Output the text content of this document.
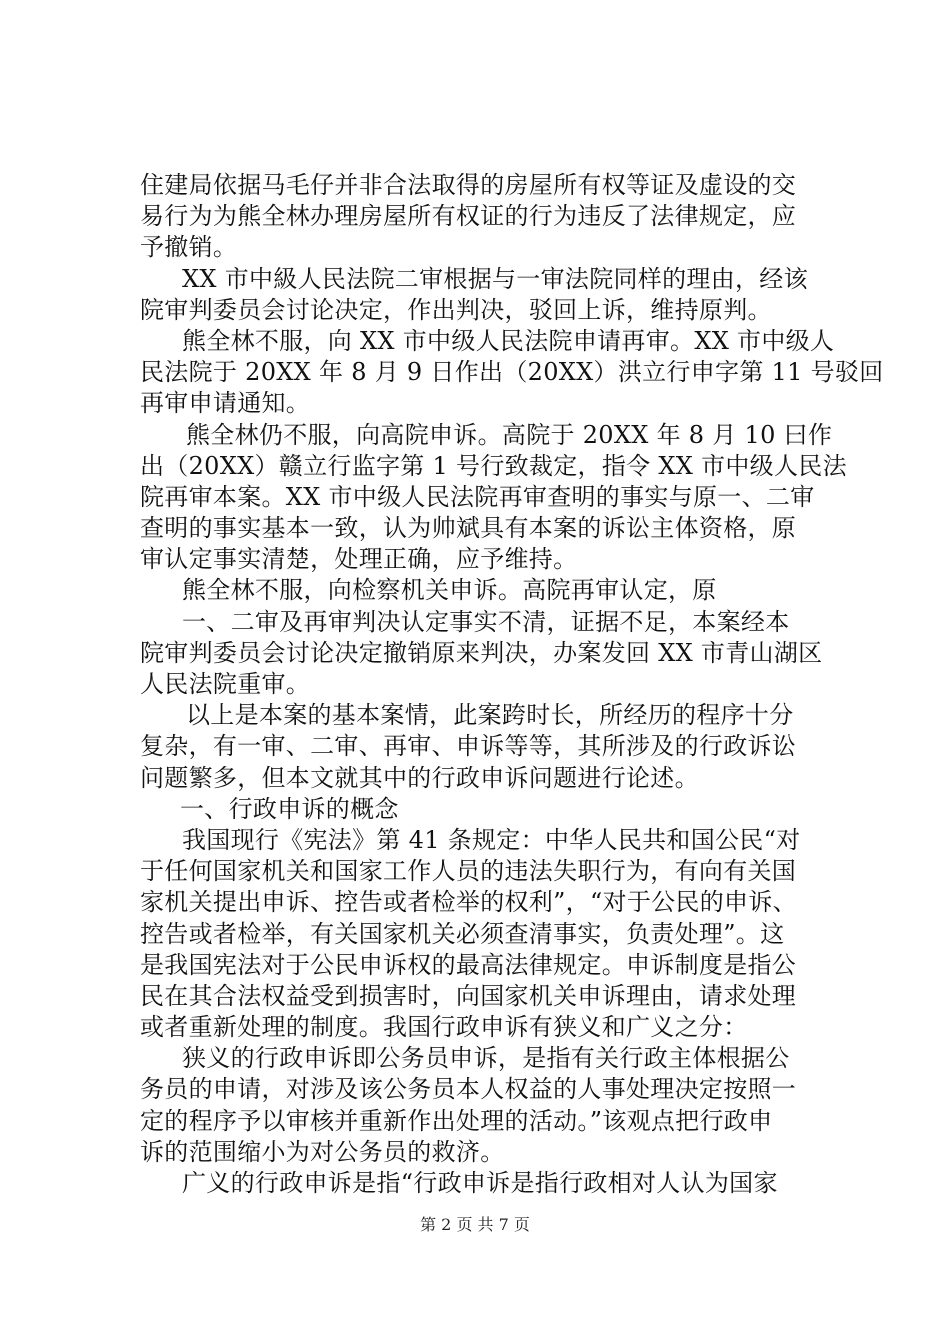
住建局依据马毛仔并非合法取得的房屋所有权等证及虚设的交
易行为为熊全林办理房屋所有权证的行为违反了法律规定，应
予撤销。
XX 市中級人民法院二审根据与一审法院同样的理由，经该
院审判委员会讨论决定，作出判决，驳回上诉，维持原判。
熊全林不服，向 XX 市中级人民法院申请再审。XX 市中级人
民法院于 20XX 年 8 月 9 日作出（20XX）洪立行申字第 11 号驳回
再审申请通知。
熊全林仍不服，向高院申诉。高院于 20XX 年 8 月 10 曰作
出（20XX）赣立行监字第 1 号行致裁定，指令 XX 市中级人民法
院再审本案。XX 市中级人民法院再审查明的事实与原一、二审
查明的事实基本一致，认为帅斌具有本案的诉讼主体资格，原
审认定事实清楚，处理正确，应予维持。
熊全林不服，向检察机关申诉。高院再审认定，原
一、二审及再审判决认定事实不清，证据不足，本案经本
院审判委员会讨论决定撤销原来判决，办案发回 XX 市青山湖区
人民法院重审。
以上是本案的基本案情，此案跨时长，所经历的程序十分
复杂，有一审、二审、再审、申诉等等，其所涉及的行政诉讼
问题繁多，但本文就其中的行政申诉问题进行论述。
一、行政申诉的概念
我国现行《宪法》第 41 条规定：中华人民共和国公民“对
于任何国家机关和国家工作人员的违法失职行为，有向有关国
家机关提出申诉、控告或者检举的权利”，“对于公民的申诉、
控告或者检举，有关国家机关必须查清事实，负责处理”。这
是我国宪法对于公民申诉权的最高法律规定。申诉制度是指公
民在其合法权益受到损害时，向国家机关申诉理由，请求处理
或者重新处理的制度。我国行政申诉有狭义和广义之分：
狭义的行政申诉即公务员申诉，是指有关行政主体根据公
务员的申请，对涉及该公务员本人权益的人事处理决定按照一
定的程序予以审核并重新作出处理的活动。”该观点把行政申
诉的范围缩小为对公务员的救济。
广义的行政申诉是指“行政申诉是指行政相对人认为国家
第 2 页 共 7 页
